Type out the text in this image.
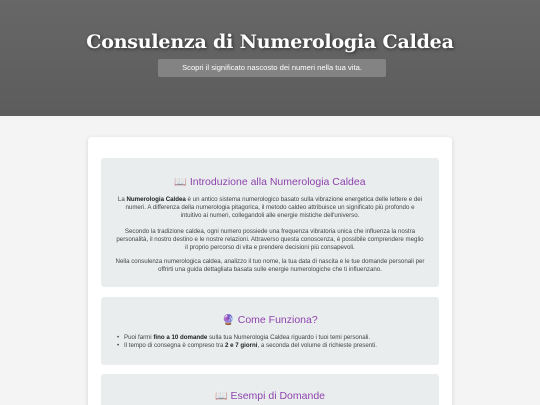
Consulenza di Numerologia Caldea
Scopri il significato nascosto dei numeri nella tua vita.
📖 Introduzione alla Numerologia Caldea

La Numerologia Caldea è un antico sistema numerologico basato sulla vibrazione energetica delle lettere e dei numeri. A differenza della numerologia pitagorica, il metodo caldeo attribuisce un significato più profondo e intuitivo ai numeri, collegandoli alle energie mistiche dell'universo.

Secondo la tradizione caldea, ogni numero possiede una frequenza vibratoria unica che influenza la nostra personalità, il nostro destino e le nostre relazioni. Attraverso questa conoscenza, è possibile comprendere meglio il proprio percorso di vita e prendere decisioni più consapevoli.

Nella consulenza numerologica caldea, analizzo il tuo nome, la tua data di nascita e le tue domande personali per offrirti una guida dettagliata basata sulle energie numerologiche che ti influenzano.

🔮 Come Funziona?
• Puoi farmi fino a 10 domande sulla tua Numerologia Caldea riguardo i tuoi temi personali.
• Il tempo di consegna è compreso tra 2 e 7 giorni, a seconda del volume di richieste presenti.
📖 Esempi di Domande
